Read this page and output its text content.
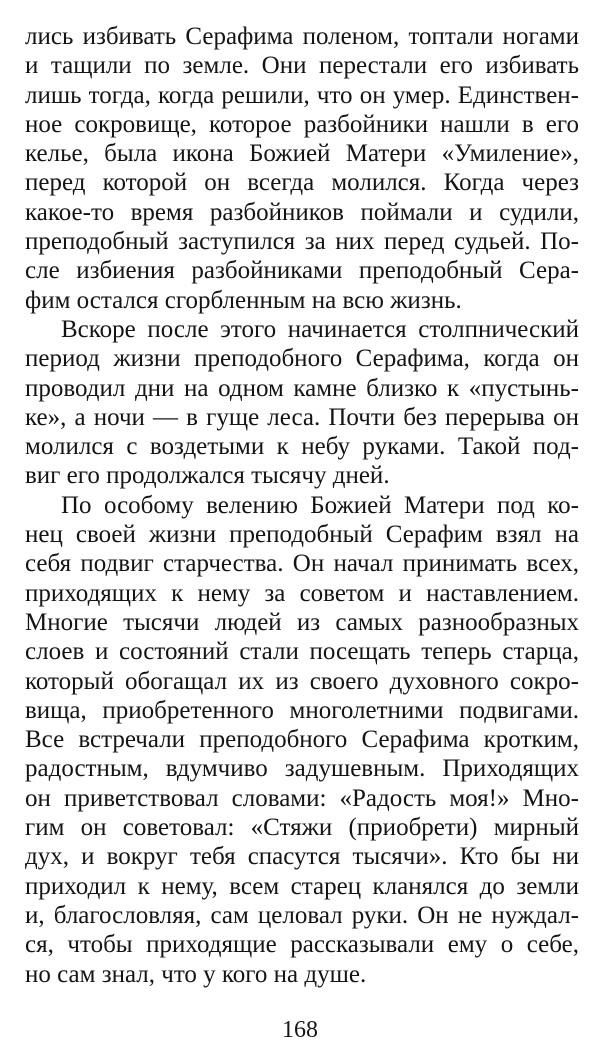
лись избивать Серафима поленом, топтали ногами
и тащили по земле. Они перестали его избивать
лишь тогда, когда решили, что он умер. Единствен-
ное сокровище, которое разбойники нашли в его
келье, была икона Божией Матери «Умиление»,
перед которой он всегда молился. Когда через
какое-то время разбойников поймали и судили,
преподобный заступился за них перед судьей. По-
сле избиения разбойниками преподобный Сера-
фим остался сгорбленным на всю жизнь.
Вскоре после этого начинается столпнический
период жизни преподобного Серафима, когда он
проводил дни на одном камне близко к «пустынь-
ке», а ночи — в гуще леса. Почти без перерыва он
молился с воздетыми к небу руками. Такой под-
виг его продолжался тысячу дней.
По особому велению Божией Матери под ко-
нец своей жизни преподобный Серафим взял на
себя подвиг старчества. Он начал принимать всех,
приходящих к нему за советом и наставлением.
Многие тысячи людей из самых разнообразных
слоев и состояний стали посещать теперь старца,
который обогащал их из своего духовного сокро-
вища, приобретенного многолетними подвигами.
Все встречали преподобного Серафима кротким,
радостным, вдумчиво задушевным. Приходящих
он приветствовал словами: «Радость моя!» Мно-
гим он советовал: «Стяжи (приобрети) мирный
дух, и вокруг тебя спасутся тысячи». Кто бы ни
приходил к нему, всем старец кланялся до земли
и, благословляя, сам целовал руки. Он не нуждал-
ся, чтобы приходящие рассказывали ему о себе,
но сам знал, что у кого на душе.
168
